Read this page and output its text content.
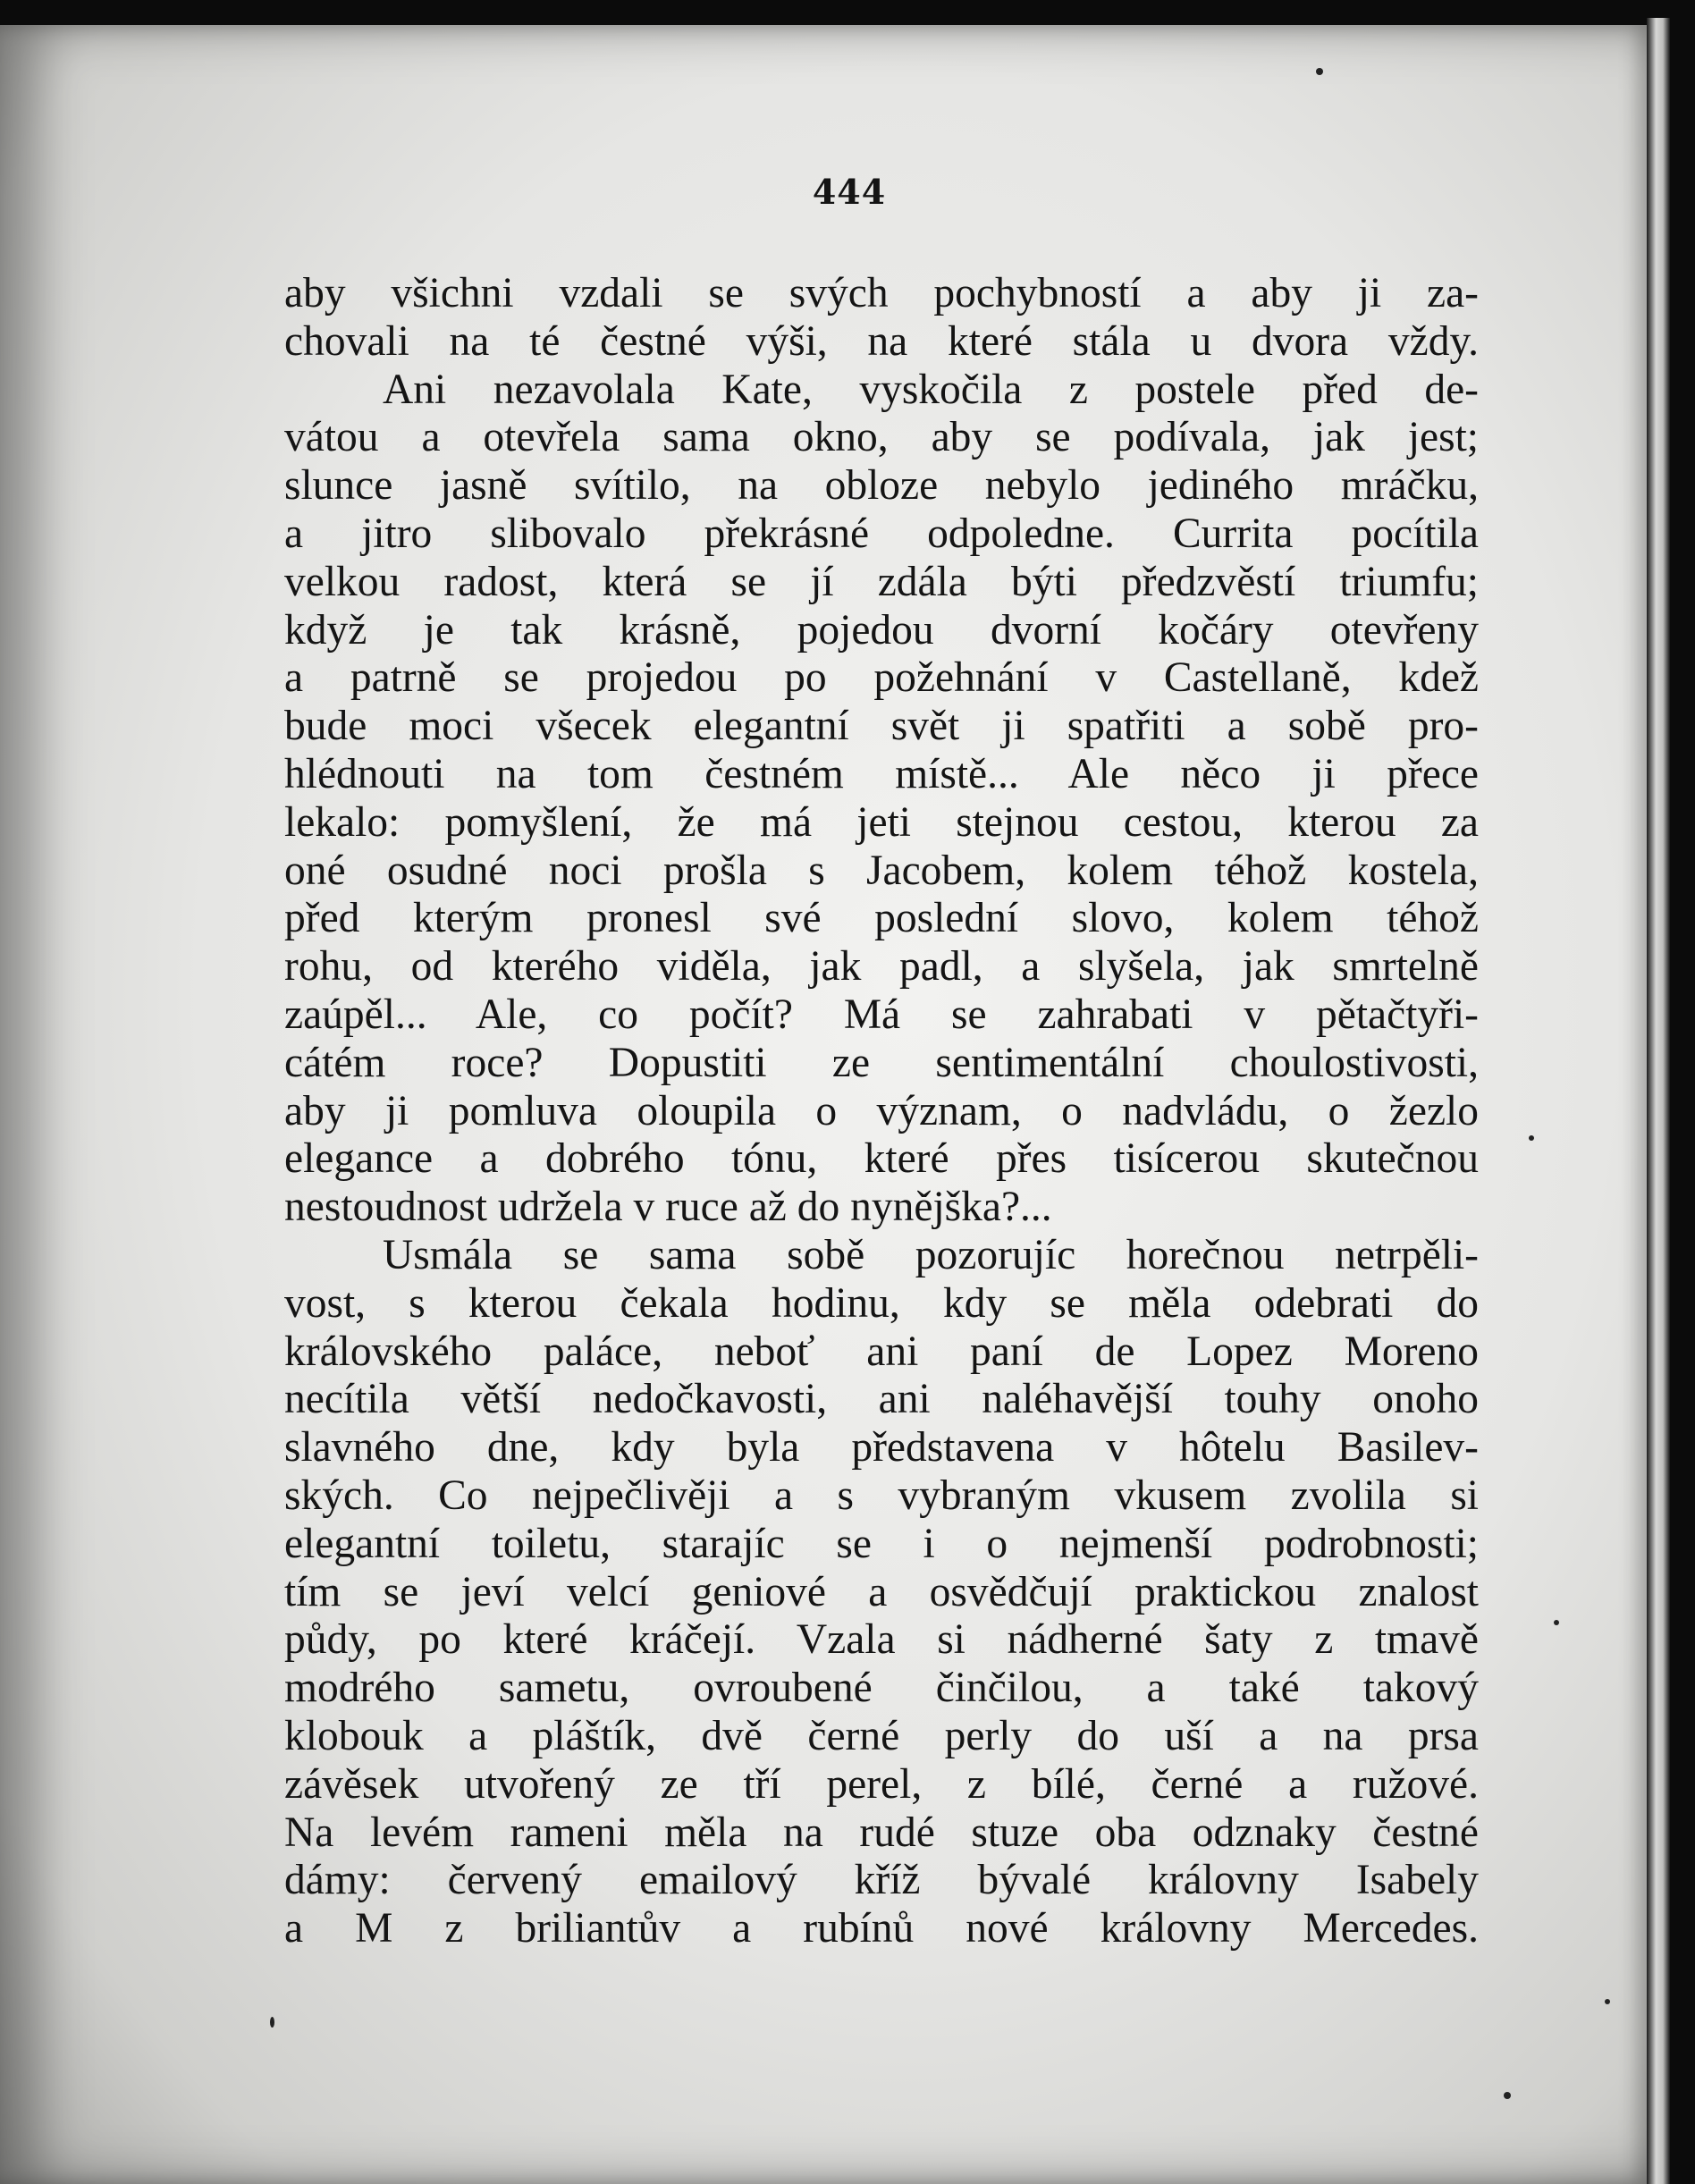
444
aby všichni vzdali se svých pochybností a aby ji za-
chovali na té čestné výši, na které stála u dvora vždy.
Ani nezavolala Kate, vyskočila z postele před de-
vátou a otevřela sama okno, aby se podívala, jak jest;
slunce jasně svítilo, na obloze nebylo jediného mráčku,
a jitro slibovalo překrásné odpoledne. Currita pocítila
velkou radost, která se jí zdála býti předzvěstí triumfu;
když je tak krásně, pojedou dvorní kočáry otevřeny
a patrně se projedou po požehnání v Castellaně, kdež
bude moci všecek elegantní svět ji spatřiti a sobě pro-
hlédnouti na tom čestném místě... Ale něco ji přece
lekalo: pomyšlení, že má jeti stejnou cestou, kterou za
oné osudné noci prošla s Jacobem, kolem téhož kostela,
před kterým pronesl své poslední slovo, kolem téhož
rohu, od kterého viděla, jak padl, a slyšela, jak smrtelně
zaúpěl... Ale, co počít? Má se zahrabati v pětačtyři-
cátém roce? Dopustiti ze sentimentální choulostivosti,
aby ji pomluva oloupila o význam, o nadvládu, o žezlo
elegance a dobrého tónu, které přes tisícerou skutečnou
nestoudnost udržela v ruce až do nynějška?...
Usmála se sama sobě pozorujíc horečnou netrpěli-
vost, s kterou čekala hodinu, kdy se měla odebrati do
královského paláce, neboť ani paní de Lopez Moreno
necítila větší nedočkavosti, ani naléhavější touhy onoho
slavného dne, kdy byla představena v hôtelu Basilev-
ských. Co nejpečlivěji a s vybraným vkusem zvolila si
elegantní toiletu, starajíc se i o nejmenší podrobnosti;
tím se jeví velcí geniové a osvědčují praktickou znalost
půdy, po které kráčejí. Vzala si nádherné šaty z tmavě
modrého sametu, ovroubené činčilou, a také takový
klobouk a pláštík, dvě černé perly do uší a na prsa
závěsek utvořený ze tří perel, z bílé, černé a ružové.
Na levém rameni měla na rudé stuze oba odznaky čestné
dámy: červený emailový kříž bývalé královny Isabely
a M z briliantův a rubínů nové královny Mercedes.
